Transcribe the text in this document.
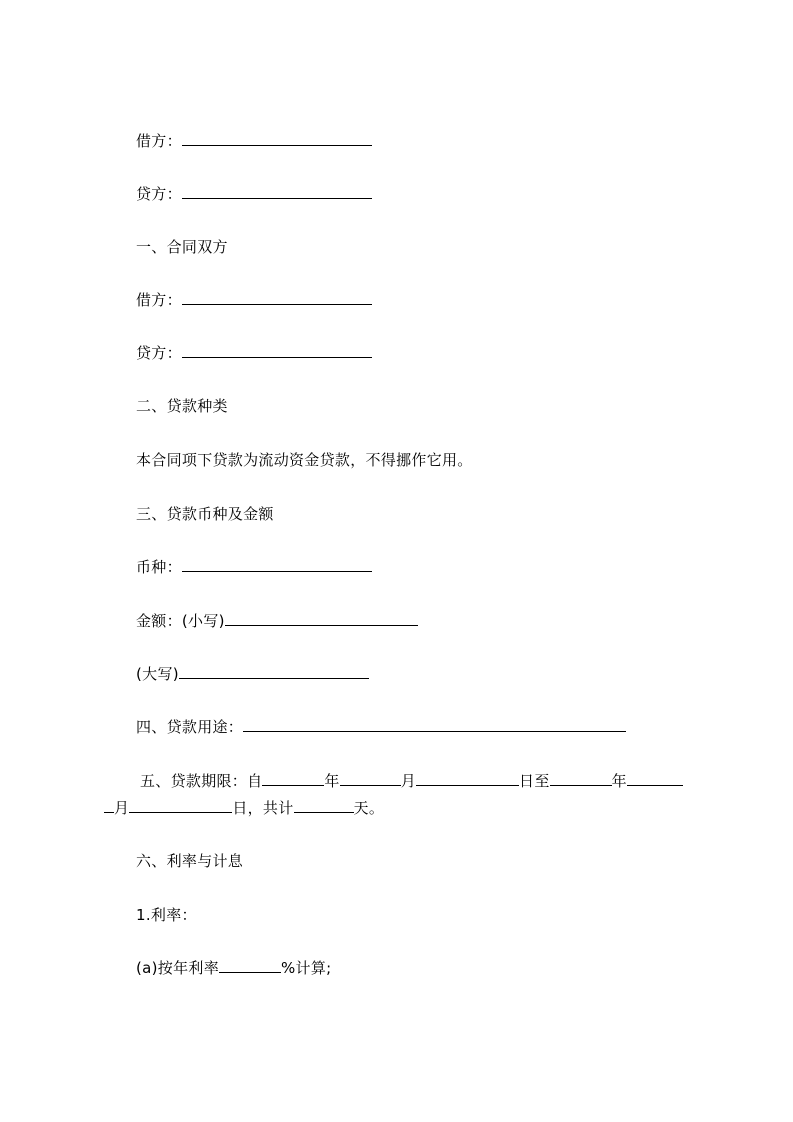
借方：
贷方：
一、合同双方
借方：
贷方：
二、贷款种类
本合同项下贷款为流动资金贷款，不得挪作它用。
三、贷款币种及金额
币种：
金额：(小写)
(大写)
四、贷款用途：
五、贷款期限：自	年	月	日至	年
月	日，共计	天。
六、利率与计息
1.利率：
(a)按年利率	%计算;
